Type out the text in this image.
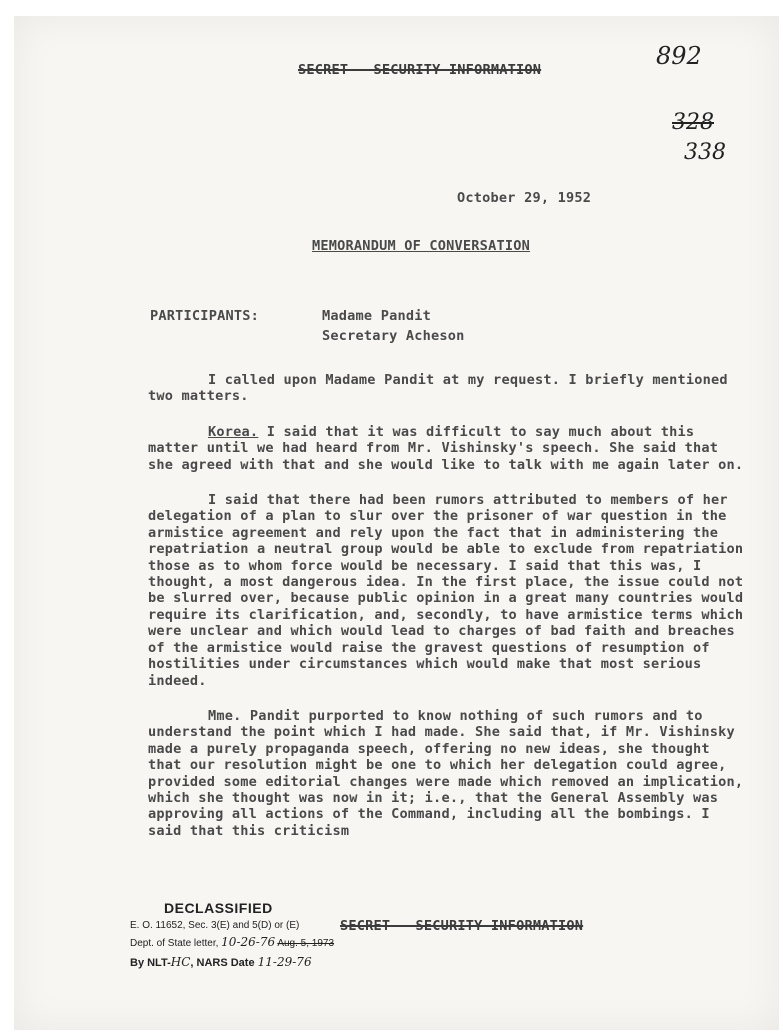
SECRET - SECURITY INFORMATION	892
328
338
October 29, 1952
MEMORANDUM OF CONVERSATION
PARTICIPANTS:	Madame Pandit
Secretary Acheson

I called upon Madame Pandit at my request. I briefly mentioned two matters.

Korea. I said that it was difficult to say much about this matter until we had heard from Mr. Vishinsky's speech. She said that she agreed with that and she would like to talk with me again later on.

I said that there had been rumors attributed to members of her delegation of a plan to slur over the prisoner of war question in the armistice agreement and rely upon the fact that in administering the repatriation a neutral group would be able to exclude from repatriation those as to whom force would be necessary. I said that this was, I thought, a most dangerous idea. In the first place, the issue could not be slurred over, because public opinion in a great many countries would require its clarification, and, secondly, to have armistice terms which were unclear and which would lead to charges of bad faith and breaches of the armistice would raise the gravest questions of resumption of hostilities under circumstances which would make that most serious indeed.

Mme. Pandit purported to know nothing of such rumors and to understand the point which I had made. She said that, if Mr. Vishinsky made a purely propaganda speech, offering no new ideas, she thought that our resolution might be one to which her delegation could agree, provided some editorial changes were made which removed an implication, which she thought was now in it; i.e., that the General Assembly was approving all actions of the Command, including all the bombings. I said that this criticism

DECLASSIFIED
E. O. 11652, Sec. 3(E) and 5(D) or (E)
Dept. of State letter, 10-26-76 Aug. 5, 1973
By NLT-HC, NARS Date 11-29-76
SECRET - SECURITY INFORMATION
